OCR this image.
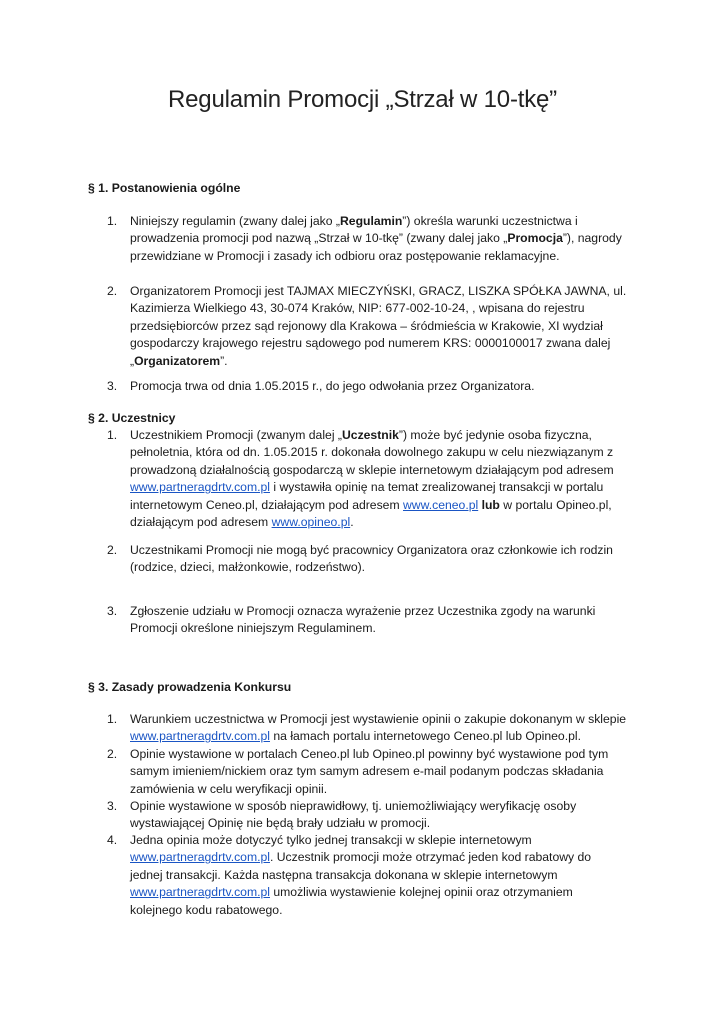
Regulamin Promocji „Strzał w 10-tkę”
§ 1. Postanowienia ogólne
1.	Niniejszy regulamin (zwany dalej jako „Regulamin”) określa warunki uczestnictwa i
prowadzenia promocji pod nazwą „Strzał w 10-tkę” (zwany dalej jako „Promocja”), nagrody
przewidziane w Promocji i zasady ich odbioru oraz postępowanie reklamacyjne.
2.	Organizatorem Promocji jest TAJMAX MIECZYŃSKI, GRACZ, LISZKA SPÓŁKA JAWNA, ul.
Kazimierza Wielkiego 43, 30-074 Kraków, NIP: 677-002-10-24, , wpisana do rejestru
przedsiębiorców przez sąd rejonowy dla Krakowa – śródmieścia w Krakowie, XI wydział
gospodarczy krajowego rejestru sądowego pod numerem KRS: 0000100017 zwana dalej
„Organizatorem”.
3.	Promocja trwa od dnia 1.05.2015 r., do jego odwołania przez Organizatora.
§ 2. Uczestnicy
1.	Uczestnikiem Promocji (zwanym dalej „Uczestnik”) może być jedynie osoba fizyczna,
pełnoletnia, która od dn. 1.05.2015 r. dokonała dowolnego zakupu w celu niezwiązanym z
prowadzoną działalnością gospodarczą w sklepie internetowym działającym pod adresem
www.partneragdrtv.com.pl i wystawiła opinię na temat zrealizowanej transakcji w portalu
internetowym Ceneo.pl, działającym pod adresem www.ceneo.pl lub w portalu Opineo.pl,
działającym pod adresem www.opineo.pl.
2.	Uczestnikami Promocji nie mogą być pracownicy Organizatora oraz członkowie ich rodzin
(rodzice, dzieci, małżonkowie, rodzeństwo).
3.	Zgłoszenie udziału w Promocji oznacza wyrażenie przez Uczestnika zgody na warunki
Promocji określone niniejszym Regulaminem.
§ 3. Zasady prowadzenia Konkursu
1.	Warunkiem uczestnictwa w Promocji jest wystawienie opinii o zakupie dokonanym w sklepie
www.partneragdrtv.com.pl na łamach portalu internetowego Ceneo.pl lub Opineo.pl.
2.	Opinie wystawione w portalach Ceneo.pl lub Opineo.pl powinny być wystawione pod tym
samym imieniem/nickiem oraz tym samym adresem e-mail podanym podczas składania
zamówienia w celu weryfikacji opinii.
3.	Opinie wystawione w sposób nieprawidłowy, tj. uniemożliwiający weryfikację osoby
wystawiającej Opinię nie będą brały udziału w promocji.
4.	Jedna opinia może dotyczyć tylko jednej transakcji w sklepie internetowym
www.partneragdrtv.com.pl. Uczestnik promocji może otrzymać jeden kod rabatowy do
jednej transakcji. Każda następna transakcja dokonana w sklepie internetowym
www.partneragdrtv.com.pl umożliwia wystawienie kolejnej opinii oraz otrzymaniem
kolejnego kodu rabatowego.
